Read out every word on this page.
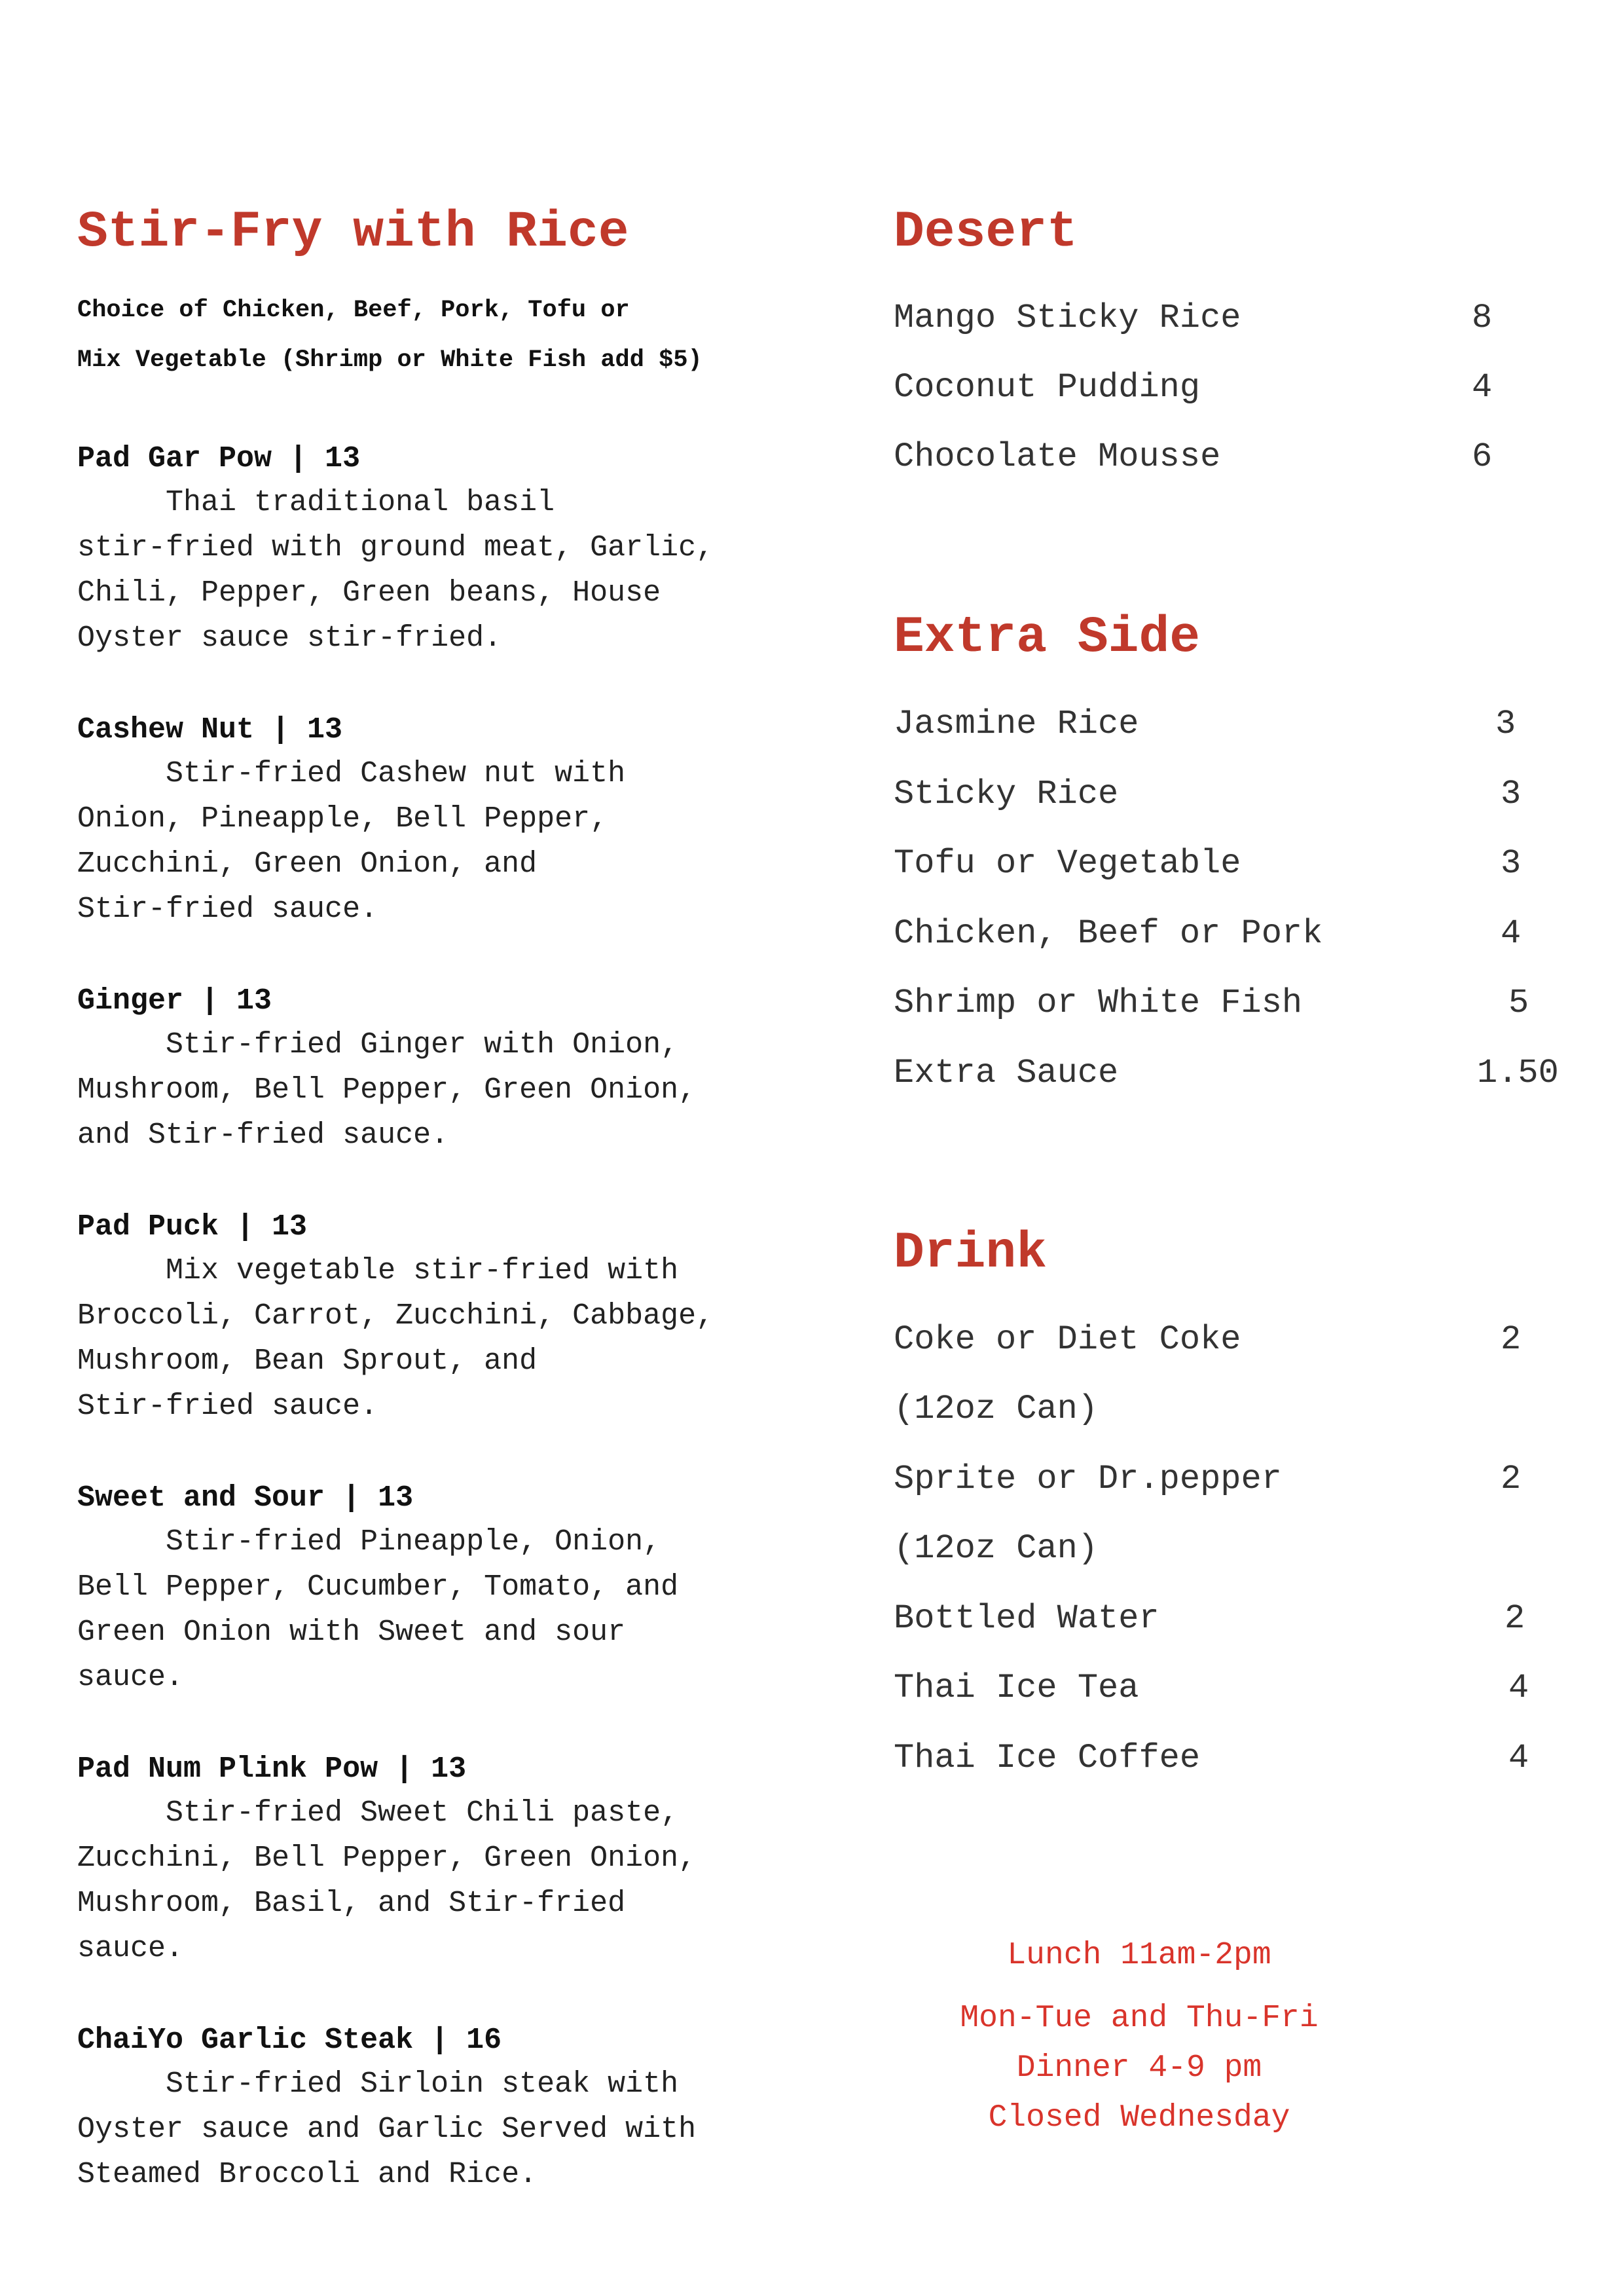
Stir-Fry with Rice
Choice of Chicken, Beef, Pork, Tofu or
Mix Vegetable (Shrimp or White Fish add $5)
Pad Gar Pow | 13
Thai traditional basil
stir-fried with ground meat, Garlic,
Chili, Pepper, Green beans, House
Oyster sauce stir-fried.
Cashew Nut | 13
Stir-fried Cashew nut with
Onion, Pineapple, Bell Pepper,
Zucchini, Green Onion, and
Stir-fried sauce.
Ginger | 13
Stir-fried Ginger with Onion,
Mushroom, Bell Pepper, Green Onion,
and Stir-fried sauce.
Pad Puck | 13
Mix vegetable stir-fried with
Broccoli, Carrot, Zucchini, Cabbage,
Mushroom, Bean Sprout, and
Stir-fried sauce.
Sweet and Sour | 13
Stir-fried Pineapple, Onion,
Bell Pepper, Cucumber, Tomato, and
Green Onion with Sweet and sour
sauce.
Pad Num Plink Pow | 13
Stir-fried Sweet Chili paste,
Zucchini, Bell Pepper, Green Onion,
Mushroom, Basil, and Stir-fried
sauce.
ChaiYo Garlic Steak | 16
Stir-fried Sirloin steak with
Oyster sauce and Garlic Served with
Steamed Broccoli and Rice.
Desert
Mango Sticky Rice	8
Coconut Pudding	4
Chocolate Mousse	6
Extra Side
Jasmine Rice	3
Sticky Rice	3
Tofu or Vegetable	3
Chicken, Beef or Pork	4
Shrimp or White Fish	5
Extra Sauce	1.50
Drink
Coke or Diet Coke	2
(12oz Can)
Sprite or Dr.pepper	2
(12oz Can)
Bottled Water	2
Thai Ice Tea	4
Thai Ice Coffee	4
Lunch 11am-2pm
Mon-Tue and Thu-Fri
Dinner 4-9 pm
Closed Wednesday
